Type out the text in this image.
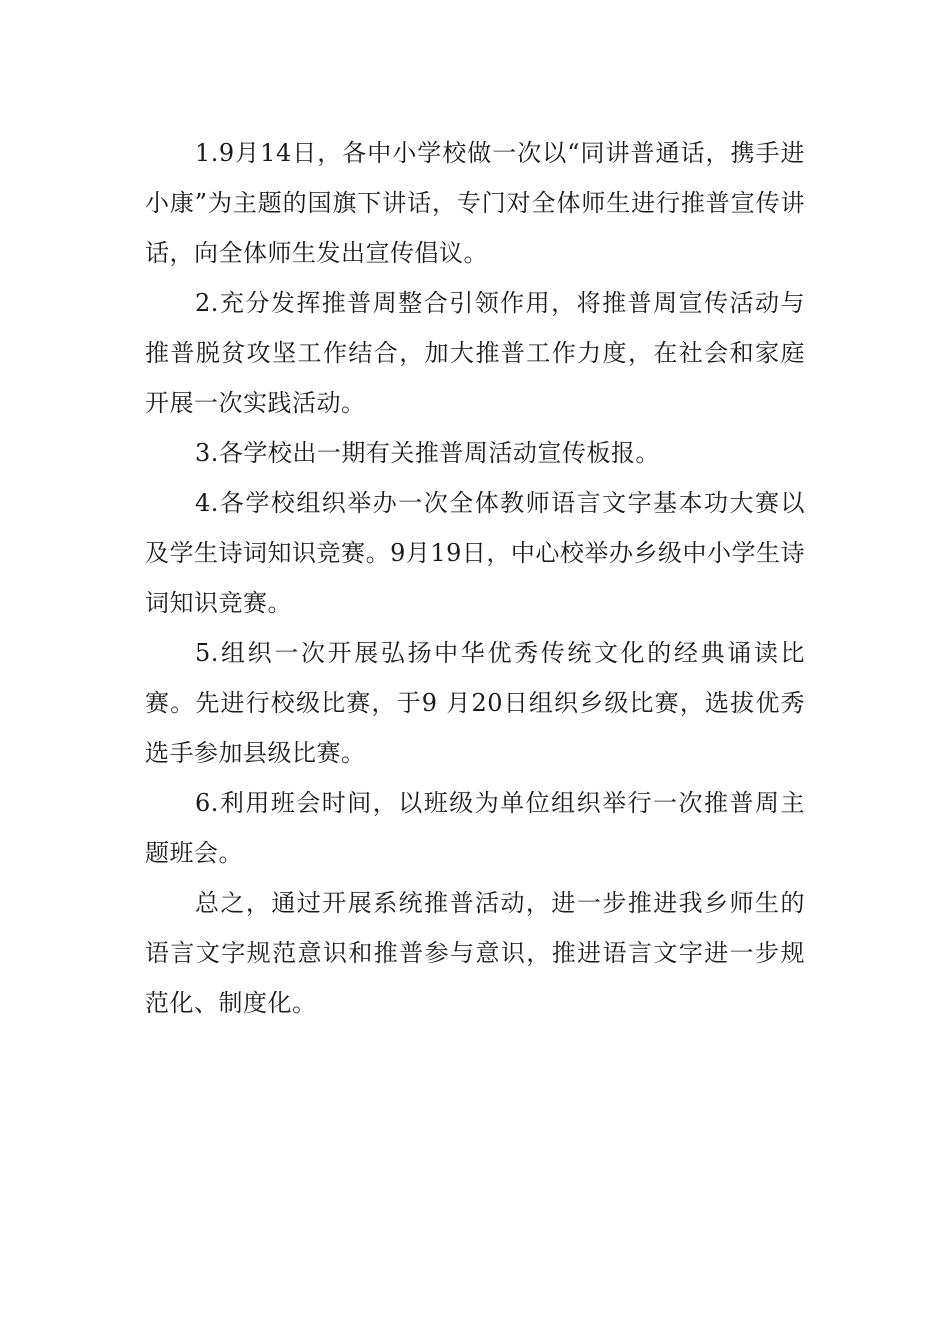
1.9月14日，各中小学校做一次以“同讲普通话，携手进小康”为主题的国旗下讲话，专门对全体师生进行推普宣传讲话，向全体师生发出宣传倡议。

2.充分发挥推普周整合引领作用，将推普周宣传活动与推普脱贫攻坚工作结合，加大推普工作力度，在社会和家庭开展一次实践活动。

3.各学校出一期有关推普周活动宣传板报。

4.各学校组织举办一次全体教师语言文字基本功大赛以及学生诗词知识竞赛。9月19日，中心校举办乡级中小学生诗词知识竞赛。

5.组织一次开展弘扬中华优秀传统文化的经典诵读比赛。先进行校级比赛，于9 月20日组织乡级比赛，选拔优秀选手参加县级比赛。

6.利用班会时间，以班级为单位组织举行一次推普周主题班会。

总之，通过开展系统推普活动，进一步推进我乡师生的语言文字规范意识和推普参与意识，推进语言文字进一步规范化、制度化。
